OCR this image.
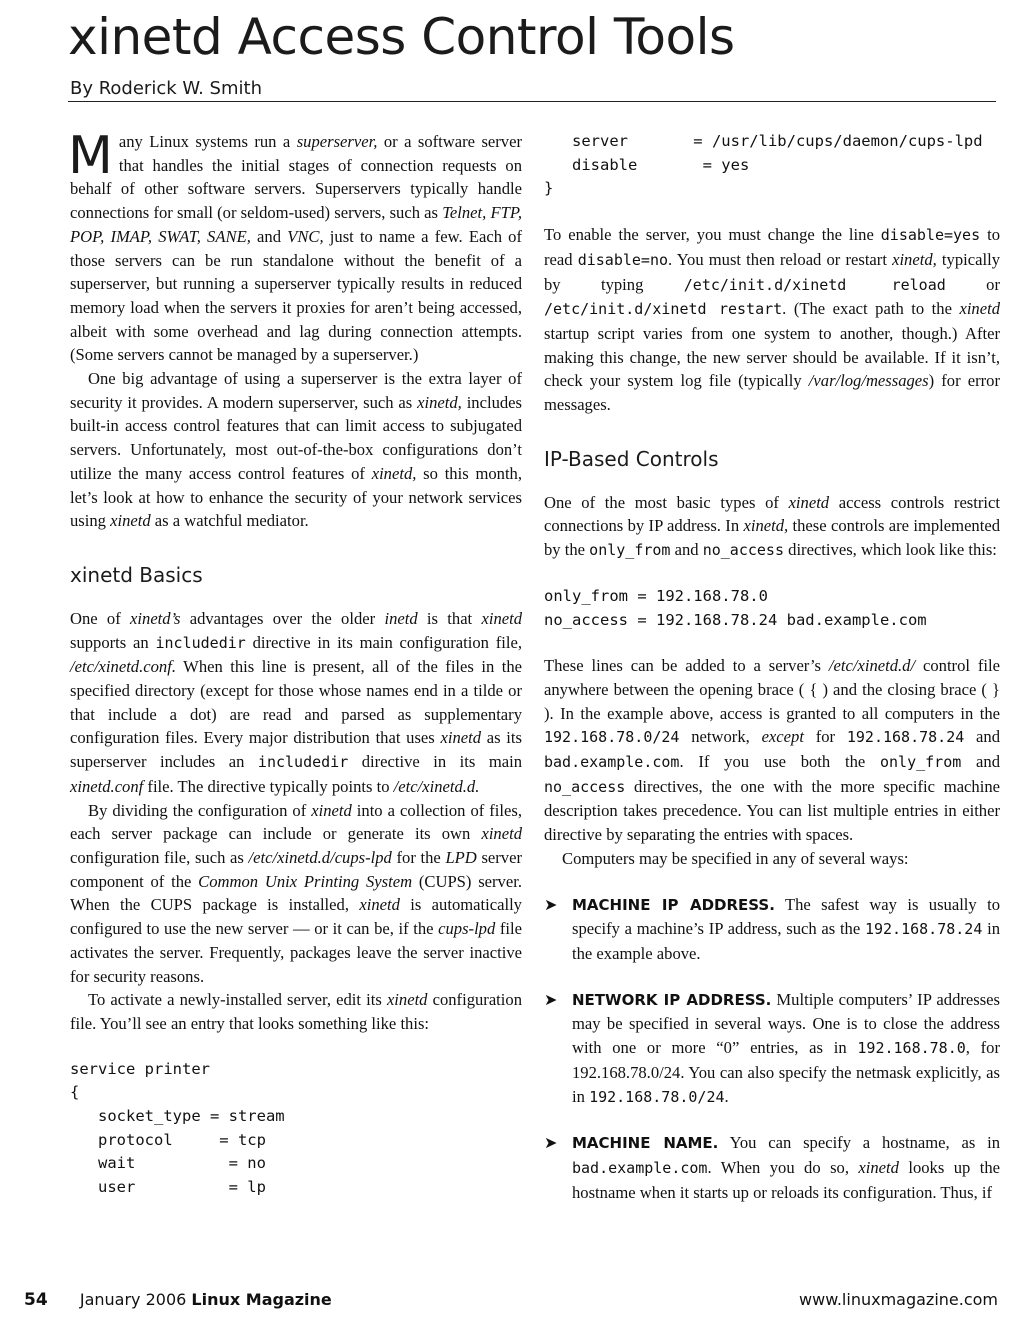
xinetd Access Control Tools
By Roderick W. Smith

Many Linux systems run a superserver, or a software server that handles the initial stages of connection requests on behalf of other software servers. Superservers typically handle connections for small (or seldom-used) servers, such as Telnet, FTP, POP, IMAP, SWAT, SANE, and VNC, just to name a few. Each of those servers can be run standalone without the benefit of a superserver, but running a superserver typically results in reduced memory load when the servers it proxies for aren’t being accessed, albeit with some overhead and lag during connection attempts. (Some servers cannot be managed by a superserver.)

One big advantage of using a superserver is the extra layer of security it provides. A modern superserver, such as xinetd, includes built-in access control features that can limit access to subjugated servers. Unfortunately, most out-of-the-box configurations don’t utilize the many access control features of xinetd, so this month, let’s look at how to enhance the security of your network services using xinetd as a watchful mediator.

xinetd Basics

One of xinetd’s advantages over the older inetd is that xinetd supports an includedir directive in its main configuration file, /etc/xinetd.conf. When this line is present, all of the files in the specified directory (except for those whose names end in a tilde or that include a dot) are read and parsed as supplementary configuration files. Every major distribution that uses xinetd as its superserver includes an includedir directive in its main xinetd.conf file. The directive typically points to /etc/xinetd.d.

By dividing the configuration of xinetd into a collection of files, each server package can include or generate its own xinetd configuration file, such as /etc/xinetd.d/cups-lpd for the LPD server component of the Common Unix Printing System (CUPS) server. When the CUPS package is installed, xinetd is automatically configured to use the new server — or it can be, if the cups-lpd file activates the server. Frequently, packages leave the server inactive for security reasons.

To activate a newly-installed server, edit its xinetd configuration file. You’ll see an entry that looks something like this:

service printer
{
socket_type = stream
protocol     = tcp
wait          = no
user          = lp
server       = /usr/lib/cups/daemon/cups-lpd
disable       = yes
}

To enable the server, you must change the line disable=yes to read disable=no. You must then reload or restart xinetd, typically by typing /etc/init.d/xinetd reload or /etc/init.d/xinetd restart. (The exact path to the xinetd startup script varies from one system to another, though.) After making this change, the new server should be available. If it isn’t, check your system log file (typically /var/log/messages) for error messages.

IP-Based Controls

One of the most basic types of xinetd access controls restrict connections by IP address. In xinetd, these controls are implemented by the only_from and no_access directives, which look like this:

only_from = 192.168.78.0
no_access = 192.168.78.24 bad.example.com

These lines can be added to a server’s /etc/xinetd.d/ control file anywhere between the opening brace ( { ) and the closing brace ( } ). In the example above, access is granted to all computers in the 192.168.78.0/24 network, except for 192.168.78.24 and bad.example.com. If you use both the only_from and no_access directives, the one with the more specific machine description takes precedence. You can list multiple entries in either directive by separating the entries with spaces.

Computers may be specified in any of several ways:

➤ MACHINE IP ADDRESS. The safest way is usually to specify a machine’s IP address, such as the 192.168.78.24 in the example above.

➤ NETWORK IP ADDRESS. Multiple computers’ IP addresses may be specified in several ways. One is to close the address with one or more “0” entries, as in 192.168.78.0, for 192.168.78.0/24. You can also specify the netmask explicitly, as in 192.168.78.0/24.

➤ MACHINE NAME. You can specify a hostname, as in bad.example.com. When you do so, xinetd looks up the hostname when it starts up or reloads its configuration. Thus, if

54 January 2006 Linux Magazine	www.linuxmagazine.com
